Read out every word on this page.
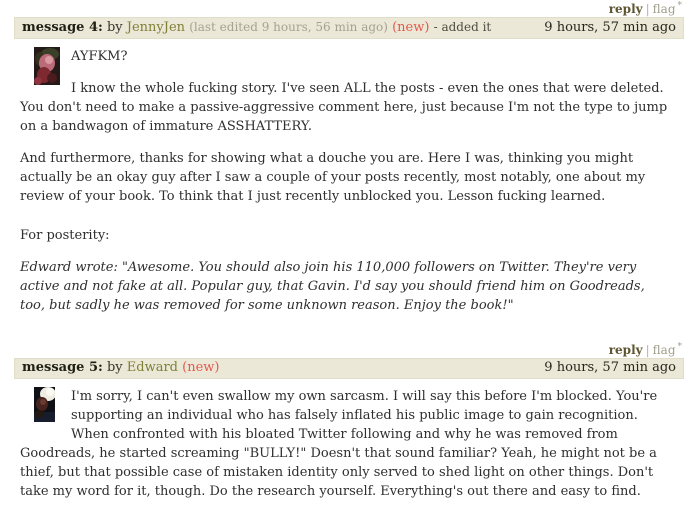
reply | flag *
message 4: by JennyJen (last edited 9 hours, 56 min ago) (new) - added it	9 hours, 57 min ago

AYFKM?

I know the whole fucking story. I've seen ALL the posts - even the ones that were deleted. You don't need to make a passive-aggressive comment here, just because I'm not the type to jump on a bandwagon of immature ASSHATTERY.

And furthermore, thanks for showing what a douche you are. Here I was, thinking you might actually be an okay guy after I saw a couple of your posts recently, most notably, one about my review of your book. To think that I just recently unblocked you. Lesson fucking learned.

For posterity:

Edward wrote: "Awesome. You should also join his 110,000 followers on Twitter. They're very active and not fake at all. Popular guy, that Gavin. I'd say you should friend him on Goodreads, too, but sadly he was removed for some unknown reason. Enjoy the book!"

reply | flag *
message 5: by Edward (new)	9 hours, 57 min ago

I'm sorry, I can't even swallow my own sarcasm. I will say this before I'm blocked. You're supporting an individual who has falsely inflated his public image to gain recognition. When confronted with his bloated Twitter following and why he was removed from Goodreads, he started screaming "BULLY!" Doesn't that sound familiar? Yeah, he might not be a thief, but that possible case of mistaken identity only served to shed light on other things. Don't take my word for it, though. Do the research yourself. Everything's out there and easy to find.
